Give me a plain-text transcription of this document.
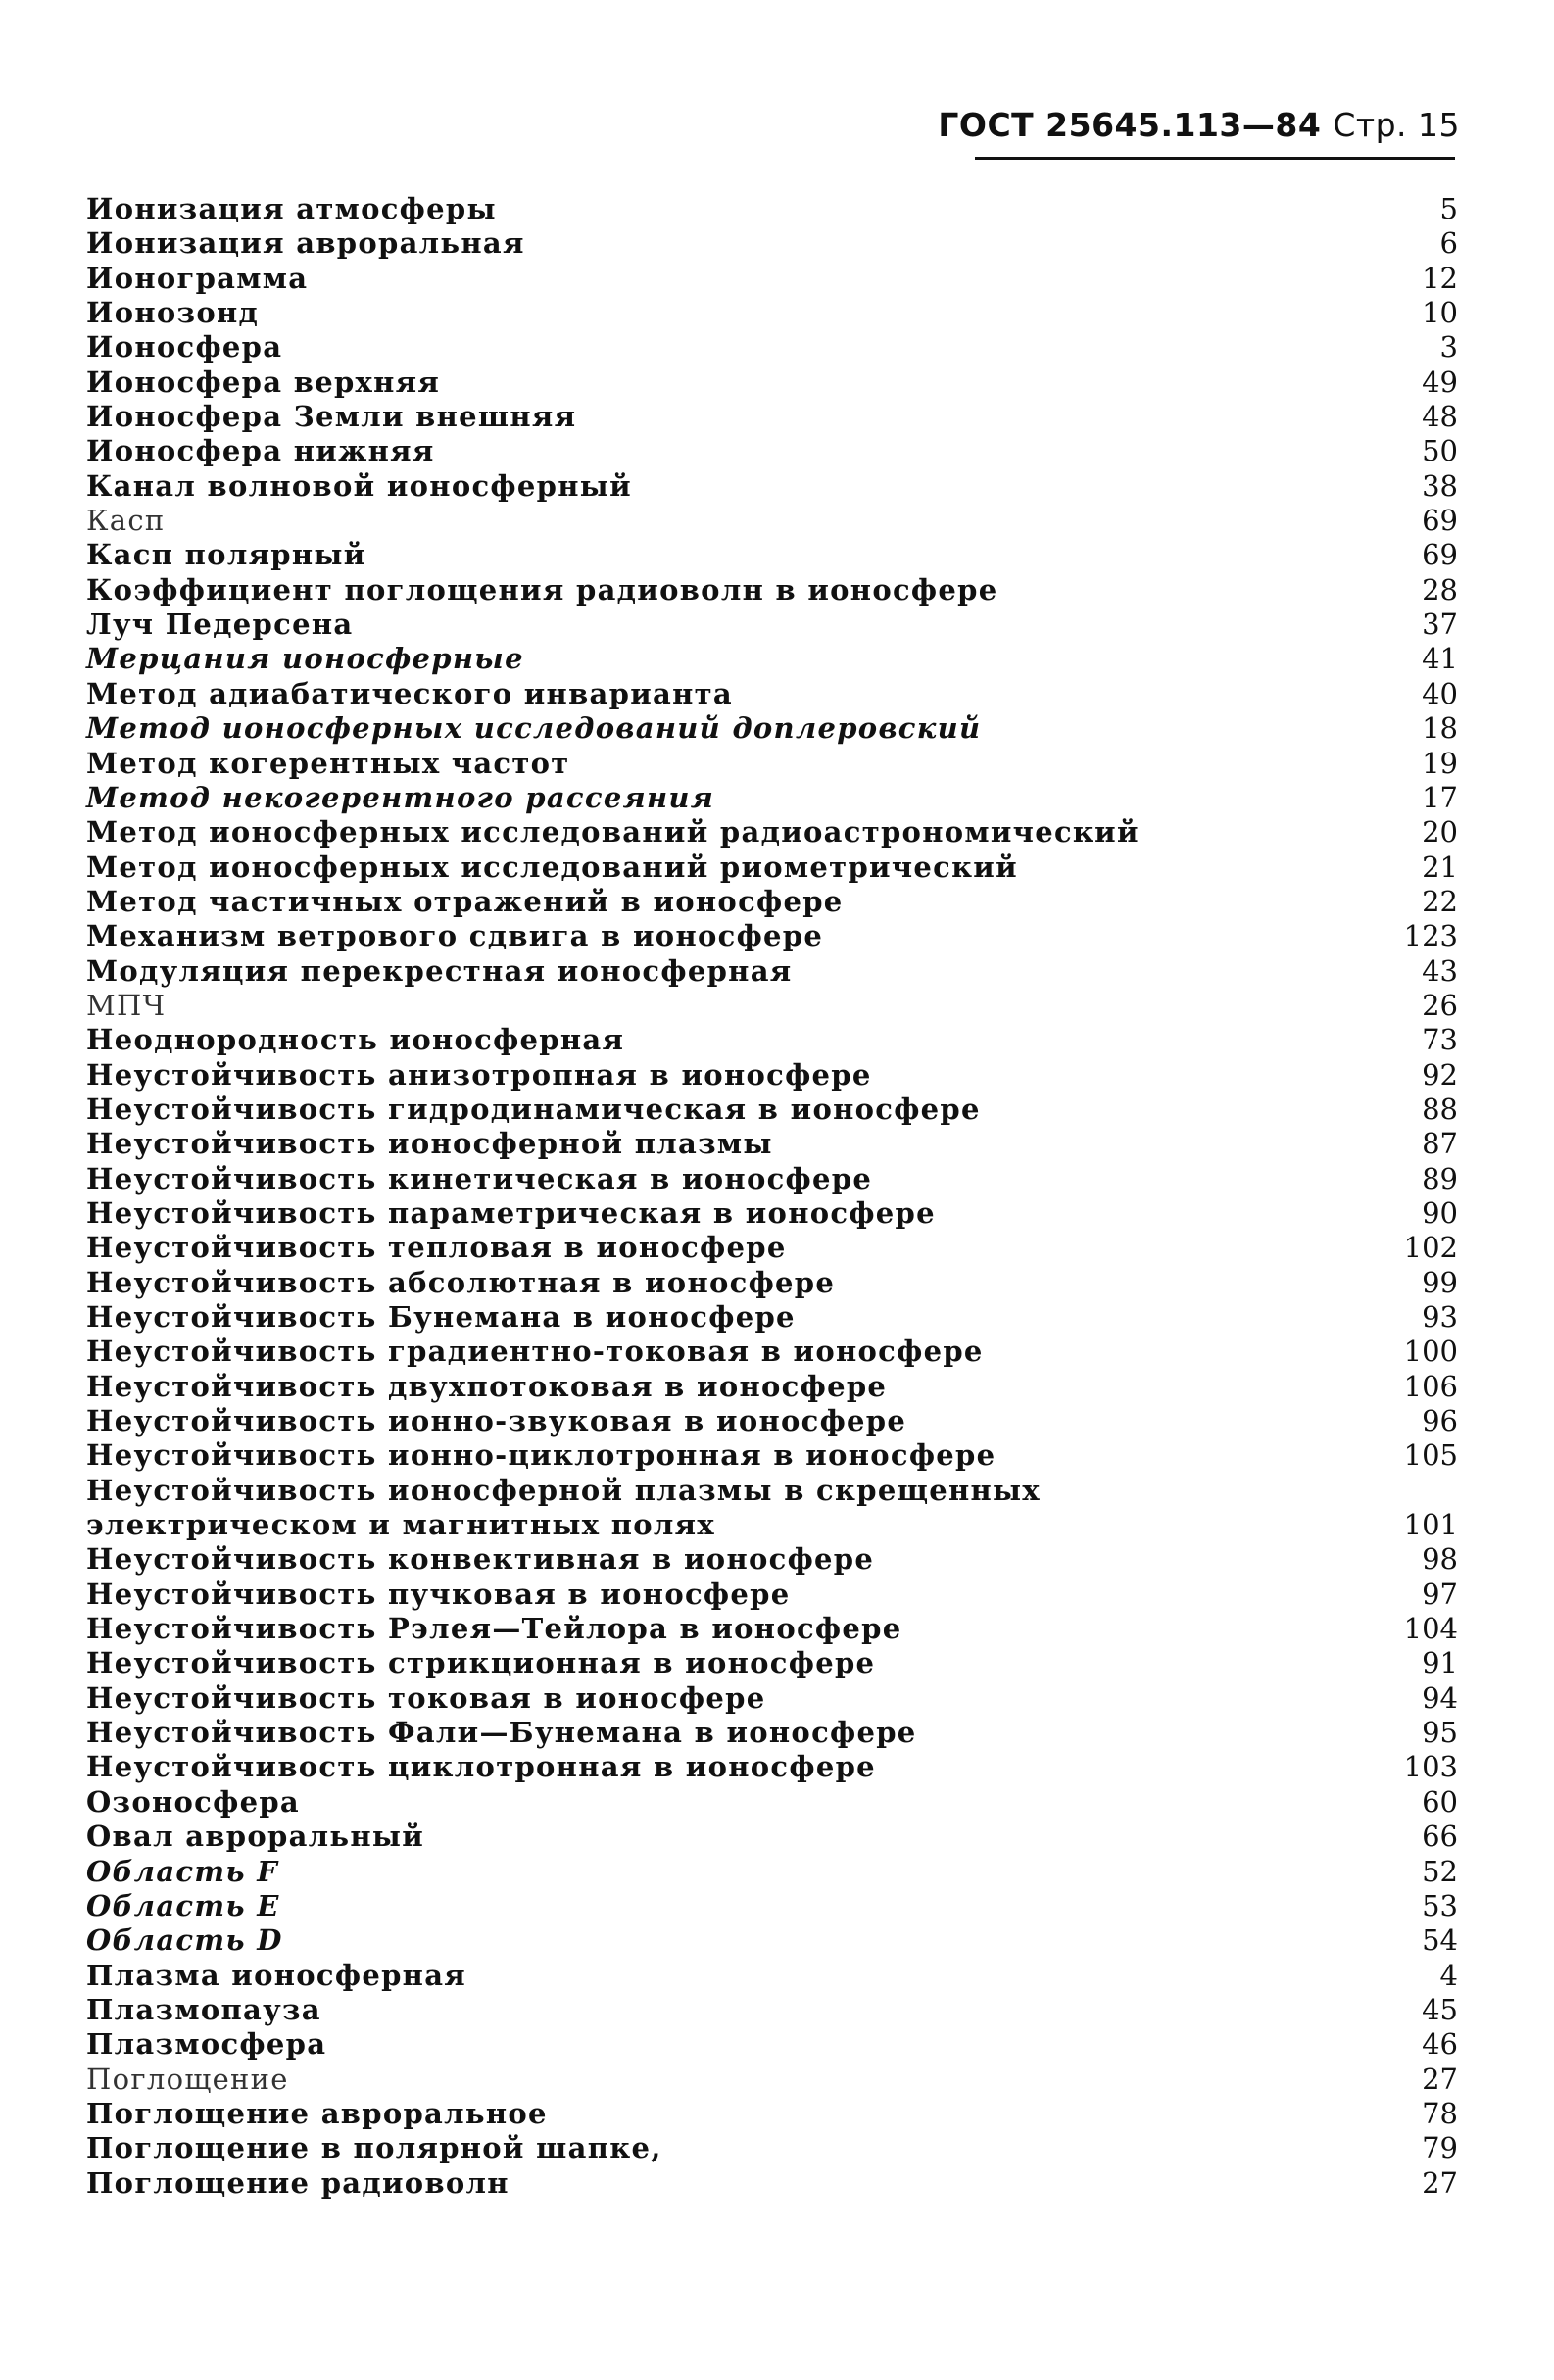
ГОСТ 25645.113—84 Стр. 15
Ионизация атмосферы	5
Ионизация авроральная	6
Ионограмма	12
Ионозонд	10
Ионосфера	3
Ионосфера верхняя	49
Ионосфера Земли внешняя	48
Ионосфера нижняя	50
Канал волновой ионосферный	38
Касп	69
Касп полярный	69
Коэффициент поглощения радиоволн в ионосфере	28
Луч Педерсена	37
Мерцания ионосферные	41
Метод адиабатического инварианта	40
Метод ионосферных исследований доплеровский	18
Метод когерентных частот	19
Метод некогерентного рассеяния	17
Метод ионосферных исследований радиоастрономический	20
Метод ионосферных исследований риометрический	21
Метод частичных отражений в ионосфере	22
Механизм ветрового сдвига в ионосфере	123
Модуляция перекрестная ионосферная	43
МПЧ	26
Неоднородность ионосферная	73
Неустойчивость анизотропная в ионосфере	92
Неустойчивость гидродинамическая в ионосфере	88
Неустойчивость ионосферной плазмы	87
Неустойчивость кинетическая в ионосфере	89
Неустойчивость параметрическая в ионосфере	90
Неустойчивость тепловая в ионосфере	102
Неустойчивость абсолютная в ионосфере	99
Неустойчивость Бунемана в ионосфере	93
Неустойчивость градиентно-токовая в ионосфере	100
Неустойчивость двухпотоковая в ионосфере	106
Неустойчивость ионно-звуковая в ионосфере	96
Неустойчивость ионно-циклотронная в ионосфере	105
Неустойчивость ионосферной плазмы в скрещенных электрическом и магнитных полях	101
Неустойчивость конвективная в ионосфере	98
Неустойчивость пучковая в ионосфере	97
Неустойчивость Рэлея—Тейлора в ионосфере	104
Неустойчивость стрикционная в ионосфере	91
Неустойчивость токовая в ионосфере	94
Неустойчивость Фали—Бунемана в ионосфере	95
Неустойчивость циклотронная в ионосфере	103
Озоносфера	60
Овал авроральный	66
Область F	52
Область E	53
Область D	54
Плазма ионосферная	4
Плазмопауза	45
Плазмосфера	46
Поглощение	27
Поглощение авроральное	78
Поглощение в полярной шапке,	79
Поглощение радиоволн	27
